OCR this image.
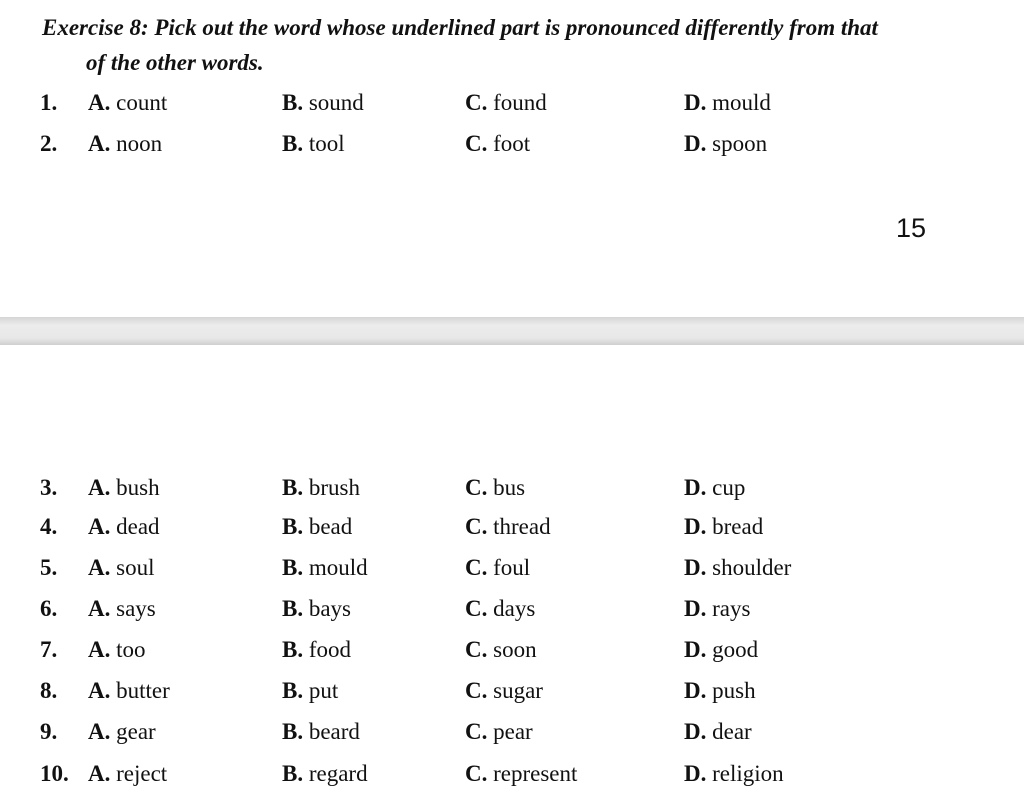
Exercise 8: Pick out the word whose underlined part is pronounced differently from that
of the other words.
1. A. count	B. sound	C. found	D. mould
2. A. noon	B. tool	C. foot	D. spoon
15
3. A. bush	B. brush	C. bus	D. cup
4. A. dead	B. bead	C. thread	D. bread
5. A. soul	B. mould	C. foul	D. shoulder
6. A. says	B. bays	C. days	D. rays
7. A. too	B. food	C. soon	D. good
8. A. butter	B. put	C. sugar	D. push
9. A. gear	B. beard	C. pear	D. dear
10. A. reject	B. regard	C. represent	D. religion
